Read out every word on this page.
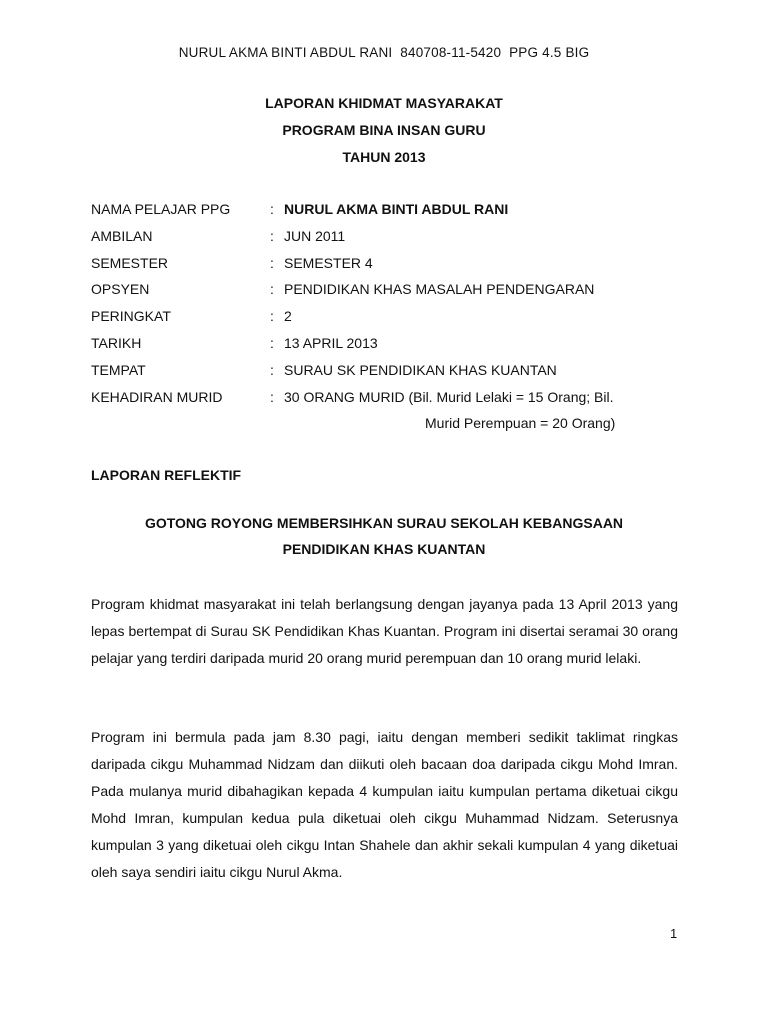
NURUL AKMA BINTI ABDUL RANI  840708-11-5420  PPG 4.5 BIG
LAPORAN KHIDMAT MASYARAKAT
PROGRAM BINA INSAN GURU
TAHUN 2013
NAMA PELAJAR PPG	: NURUL AKMA BINTI ABDUL RANI
AMBILAN	: JUN 2011
SEMESTER	: SEMESTER 4
OPSYEN	: PENDIDIKAN KHAS MASALAH PENDENGARAN
PERINGKAT	: 2
TARIKH	: 13 APRIL 2013
TEMPAT	: SURAU SK PENDIDIKAN KHAS KUANTAN
KEHADIRAN MURID	: 30 ORANG MURID (Bil. Murid Lelaki = 15 Orang; Bil.
Murid Perempuan = 20 Orang)
LAPORAN REFLEKTIF
GOTONG ROYONG MEMBERSIHKAN SURAU SEKOLAH KEBANGSAAN
PENDIDIKAN KHAS KUANTAN
Program khidmat masyarakat ini telah berlangsung dengan jayanya pada 13 April 2013 yang lepas bertempat di Surau SK Pendidikan Khas Kuantan. Program ini disertai seramai 30 orang pelajar yang terdiri daripada murid 20 orang murid perempuan dan 10 orang murid lelaki.
Program ini bermula pada jam 8.30 pagi, iaitu dengan memberi sedikit taklimat ringkas daripada cikgu Muhammad Nidzam dan diikuti oleh bacaan doa daripada cikgu Mohd Imran. Pada mulanya murid dibahagikan kepada 4 kumpulan iaitu kumpulan pertama diketuai cikgu Mohd Imran, kumpulan kedua pula diketuai oleh cikgu Muhammad Nidzam. Seterusnya kumpulan 3 yang diketuai oleh cikgu Intan Shahele dan akhir sekali kumpulan 4 yang diketuai oleh saya sendiri iaitu cikgu Nurul Akma.
1
